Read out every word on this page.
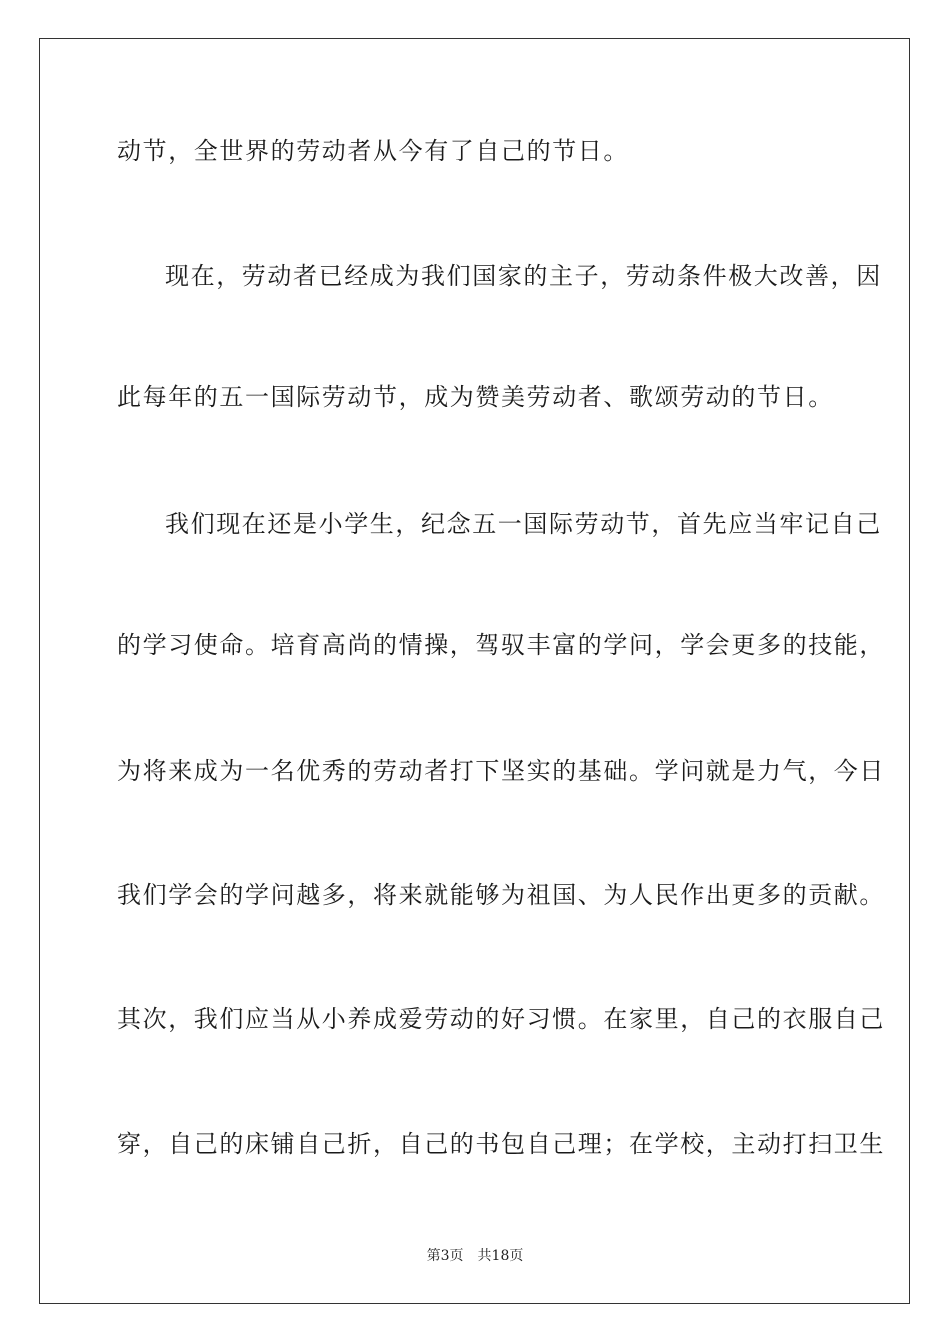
动节，全世界的劳动者从今有了自己的节日。
现在，劳动者已经成为我们国家的主子，劳动条件极大改善，因
此每年的五一国际劳动节，成为赞美劳动者、歌颂劳动的节日。
我们现在还是小学生，纪念五一国际劳动节，首先应当牢记自己
的学习使命。培育高尚的情操，驾驭丰富的学问，学会更多的技能，
为将来成为一名优秀的劳动者打下坚实的基础。学问就是力气，今日
我们学会的学问越多，将来就能够为祖国、为人民作出更多的贡献。
其次，我们应当从小养成爱劳动的好习惯。在家里，自己的衣服自己
穿，自己的床铺自己折，自己的书包自己理；在学校，主动打扫卫生
第3页　共18页
